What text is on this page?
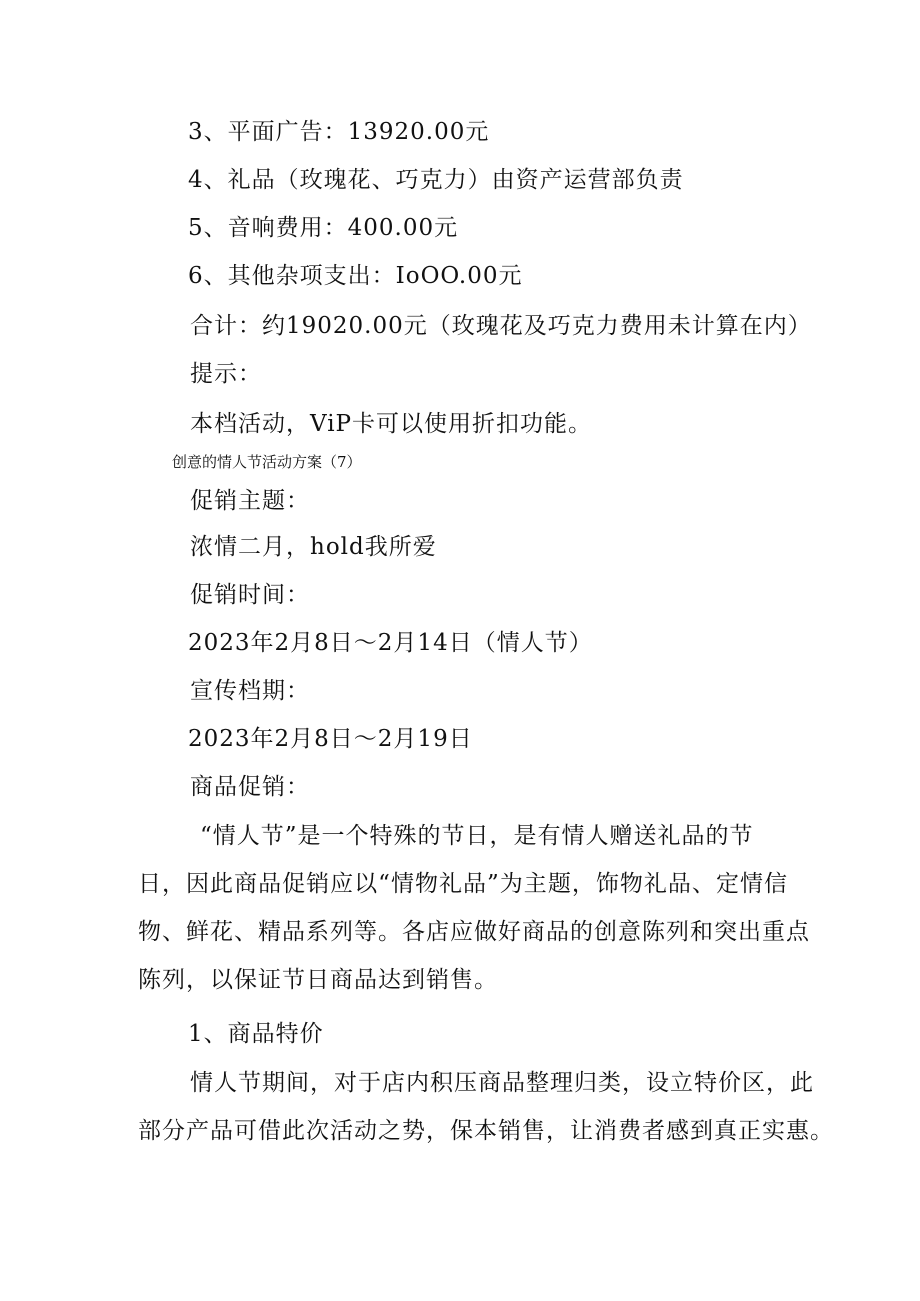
3、平面广告：13920.00元
4、礼品（玫瑰花、巧克力）由资产运营部负责
5、音响费用：400.00元
6、其他杂项支出：IoOO.00元
合计：约19020.00元（玫瑰花及巧克力费用未计算在内）
提示：
本档活动，ViP卡可以使用折扣功能。
创意的情人节活动方案（7）
促销主题：
浓情二月，hold我所爱
促销时间：
2023年2月8日～2月14日（情人节）
宣传档期：
2023年2月8日～2月19日
商品促销：
“情人节”是一个特殊的节日，是有情人赠送礼品的节
日，因此商品促销应以“情物礼品”为主题，饰物礼品、定情信
物、鲜花、精品系列等。各店应做好商品的创意陈列和突出重点
陈列，以保证节日商品达到销售。
1、商品特价
情人节期间，对于店内积压商品整理归类，设立特价区，此
部分产品可借此次活动之势，保本销售，让消费者感到真正实惠。
